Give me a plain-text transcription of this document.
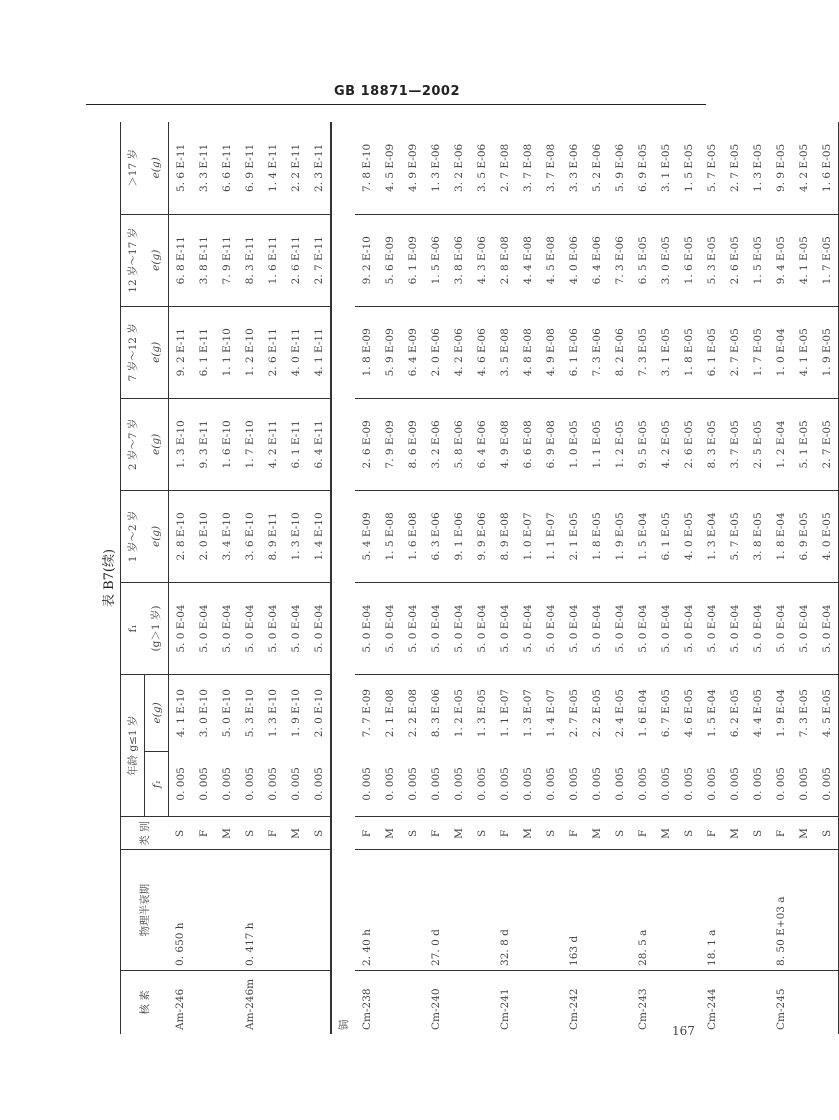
GB 18871—2002
表 B7(续)
核 素	物理半衰期	类 别	年龄 g≤1 岁		f₁	1 岁～2 岁	2 岁～7 岁	7 岁～12 岁	12 岁～17 岁	＞17 岁
			f₁	e(g)	(g＞1 岁)	e(g)	e(g)	e(g)	e(g)	e(g)
Am-246	0. 650 h	S	0. 005	4. 1 E-10	5. 0 E-04	2. 8 E-10	1. 3 E-10	9. 2 E-11	6. 8 E-11	5. 6 E-11
		F	0. 005	3. 0 E-10	5. 0 E-04	2. 0 E-10	9. 3 E-11	6. 1 E-11	3. 8 E-11	3. 3 E-11
		M	0. 005	5. 0 E-10	5. 0 E-04	3. 4 E-10	1. 6 E-10	1. 1 E-10	7. 9 E-11	6. 6 E-11
Am-246m	0. 417 h	S	0. 005	5. 3 E-10	5. 0 E-04	3. 6 E-10	1. 7 E-10	1. 2 E-10	8. 3 E-11	6. 9 E-11
		F	0. 005	1. 3 E-10	5. 0 E-04	8. 9 E-11	4. 2 E-11	2. 6 E-11	1. 6 E-11	1. 4 E-11
		M	0. 005	1. 9 E-10	5. 0 E-04	1. 3 E-10	6. 1 E-11	4. 0 E-11	2. 6 E-11	2. 2 E-11
		S	0. 005	2. 0 E-10	5. 0 E-04	1. 4 E-10	6. 4 E-11	4. 1 E-11	2. 7 E-11	2. 3 E-11
锔										
Cm-238	2. 40 h	F	0. 005	7. 7 E-09	5. 0 E-04	5. 4 E-09	2. 6 E-09	1. 8 E-09	9. 2 E-10	7. 8 E-10
		M	0. 005	2. 1 E-08	5. 0 E-04	1. 5 E-08	7. 9 E-09	5. 9 E-09	5. 6 E-09	4. 5 E-09
		S	0. 005	2. 2 E-08	5. 0 E-04	1. 6 E-08	8. 6 E-09	6. 4 E-09	6. 1 E-09	4. 9 E-09
Cm-240	27. 0 d	F	0. 005	8. 3 E-06	5. 0 E-04	6. 3 E-06	3. 2 E-06	2. 0 E-06	1. 5 E-06	1. 3 E-06
		M	0. 005	1. 2 E-05	5. 0 E-04	9. 1 E-06	5. 8 E-06	4. 2 E-06	3. 8 E-06	3. 2 E-06
		S	0. 005	1. 3 E-05	5. 0 E-04	9. 9 E-06	6. 4 E-06	4. 6 E-06	4. 3 E-06	3. 5 E-06
Cm-241	32. 8 d	F	0. 005	1. 1 E-07	5. 0 E-04	8. 9 E-08	4. 9 E-08	3. 5 E-08	2. 8 E-08	2. 7 E-08
		M	0. 005	1. 3 E-07	5. 0 E-04	1. 0 E-07	6. 6 E-08	4. 8 E-08	4. 4 E-08	3. 7 E-08
		S	0. 005	1. 4 E-07	5. 0 E-04	1. 1 E-07	6. 9 E-08	4. 9 E-08	4. 5 E-08	3. 7 E-08
Cm-242	163 d	F	0. 005	2. 7 E-05	5. 0 E-04	2. 1 E-05	1. 0 E-05	6. 1 E-06	4. 0 E-06	3. 3 E-06
		M	0. 005	2. 2 E-05	5. 0 E-04	1. 8 E-05	1. 1 E-05	7. 3 E-06	6. 4 E-06	5. 2 E-06
		S	0. 005	2. 4 E-05	5. 0 E-04	1. 9 E-05	1. 2 E-05	8. 2 E-06	7. 3 E-06	5. 9 E-06
Cm-243	28. 5 a	F	0. 005	1. 6 E-04	5. 0 E-04	1. 5 E-04	9. 5 E-05	7. 3 E-05	6. 5 E-05	6. 9 E-05
		M	0. 005	6. 7 E-05	5. 0 E-04	6. 1 E-05	4. 2 E-05	3. 1 E-05	3. 0 E-05	3. 1 E-05
		S	0. 005	4. 6 E-05	5. 0 E-04	4. 0 E-05	2. 6 E-05	1. 8 E-05	1. 6 E-05	1. 5 E-05
Cm-244	18. 1 a	F	0. 005	1. 5 E-04	5. 0 E-04	1. 3 E-04	8. 3 E-05	6. 1 E-05	5. 3 E-05	5. 7 E-05
		M	0. 005	6. 2 E-05	5. 0 E-04	5. 7 E-05	3. 7 E-05	2. 7 E-05	2. 6 E-05	2. 7 E-05
		S	0. 005	4. 4 E-05	5. 0 E-04	3. 8 E-05	2. 5 E-05	1. 7 E-05	1. 5 E-05	1. 3 E-05
Cm-245	8. 50 E+03 a	F	0. 005	1. 9 E-04	5. 0 E-04	1. 8 E-04	1. 2 E-04	1. 0 E-04	9. 4 E-05	9. 9 E-05
		M	0. 005	7. 3 E-05	5. 0 E-04	6. 9 E-05	5. 1 E-05	4. 1 E-05	4. 1 E-05	4. 2 E-05
		S	0. 005	4. 5 E-05	5. 0 E-04	4. 0 E-05	2. 7 E-05	1. 9 E-05	1. 7 E-05	1. 6 E-05
167
